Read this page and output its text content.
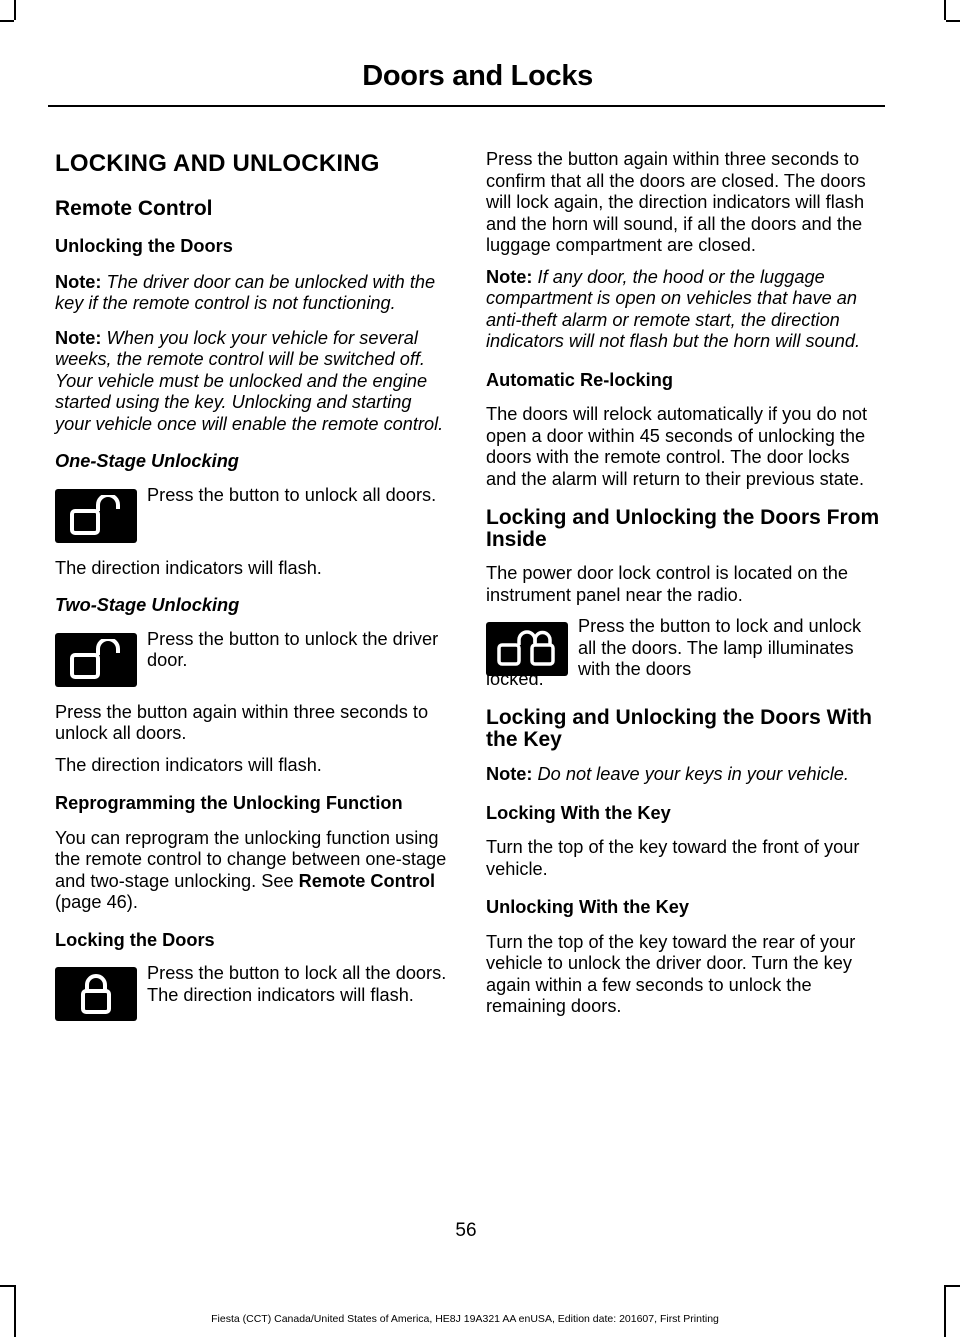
Doors and Locks
LOCKING AND UNLOCKING
Remote Control
Unlocking the Doors

Note: The driver door can be unlocked with the key if the remote control is not functioning.

Note: When you lock your vehicle for several weeks, the remote control will be switched off. Your vehicle must be unlocked and the engine started using the key. Unlocking and starting your vehicle once will enable the remote control.

One-Stage Unlocking

Press the button to unlock all doors.

The direction indicators will flash.

Two-Stage Unlocking

Press the button to unlock the driver door.

Press the button again within three seconds to unlock all doors.

The direction indicators will flash.

Reprogramming the Unlocking Function

You can reprogram the unlocking function using the remote control to change between one-stage and two-stage unlocking. See Remote Control (page 46).

Locking the Doors

Press the button to lock all the doors. The direction indicators will flash.

Press the button again within three seconds to confirm that all the doors are closed. The doors will lock again, the direction indicators will flash and the horn will sound, if all the doors and the luggage compartment are closed.

Note: If any door, the hood or the luggage compartment is open on vehicles that have an anti-theft alarm or remote start, the direction indicators will not flash but the horn will sound.

Automatic Re-locking

The doors will relock automatically if you do not open a door within 45 seconds of unlocking the doors with the remote control. The door locks and the alarm will return to their previous state.

Locking and Unlocking the Doors From Inside

The power door lock control is located on the instrument panel near the radio.

Press the button to lock and unlock all the doors. The lamp illuminates with the doors

locked.

Locking and Unlocking the Doors With the Key

Note: Do not leave your keys in your vehicle.

Locking With the Key

Turn the top of the key toward the front of your vehicle.

Unlocking With the Key

Turn the top of the key toward the rear of your vehicle to unlock the driver door. Turn the key again within a few seconds to unlock the remaining doors.

56
Fiesta (CCT) Canada/United States of America, HE8J 19A321 AA enUSA, Edition date: 201607, First Printing
